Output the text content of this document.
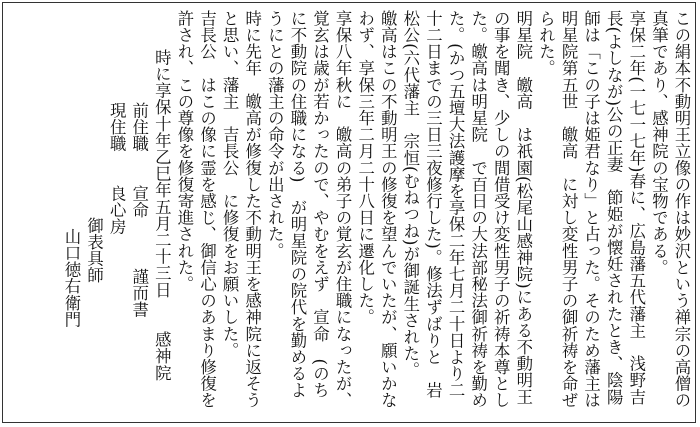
この絹本不動明王立像の作は妙沢という禅宗の高僧の真筆であり、感神院の宝物である。

享保二年(一七一七年)春に、広島藩五代藩主　浅野吉長(よしなが)公の正妻　節姫が懐妊されたとき、陰陽師は「この子は姫君なり」と占った。そのため藩主は明星院第五世　皦高　に対し変性男子の御祈祷を命ぜられた。

明星院　皦高　は祇園(松尾山感神院)にある不動明王の事を聞き、少しの間借受け変性男子の祈祷本尊とした。皦高は明星院　で百日の大法部秘法御祈祷を勤めた。(かつ五壇大法護摩を享保二年七月二十日より二十二日までの三日三夜修行した)。修法ずばりと　岩松公(六代藩主　宗恒(むねつね)が御誕生された。

皦高はこの不動明王の修復を望んでいたが、願いかなわず、享保三年二月二十八日に遷化した。

享保八年秋に　皦高の弟子の覚玄が住職になったが、覚玄は歳が若かったので、やむをえず　宣命　(のちに不動院の住職になる)　が明星院の院代を勤めるようにとの藩主の命令が出された。

時に先年　皦高が修復した不動明王を感神院に返そうと思い、藩主　吉長公　に修復をお願いした。

吉長公　はこの像に霊を感じ、御信心のあまり修復を許され、この尊像を修復寄進された。

時に享保十年乙巳年五月二十三日　　感神院

前住職　　宣命　　　謹而書

現住職　　良心房

御表具師

山口徳右衛門
